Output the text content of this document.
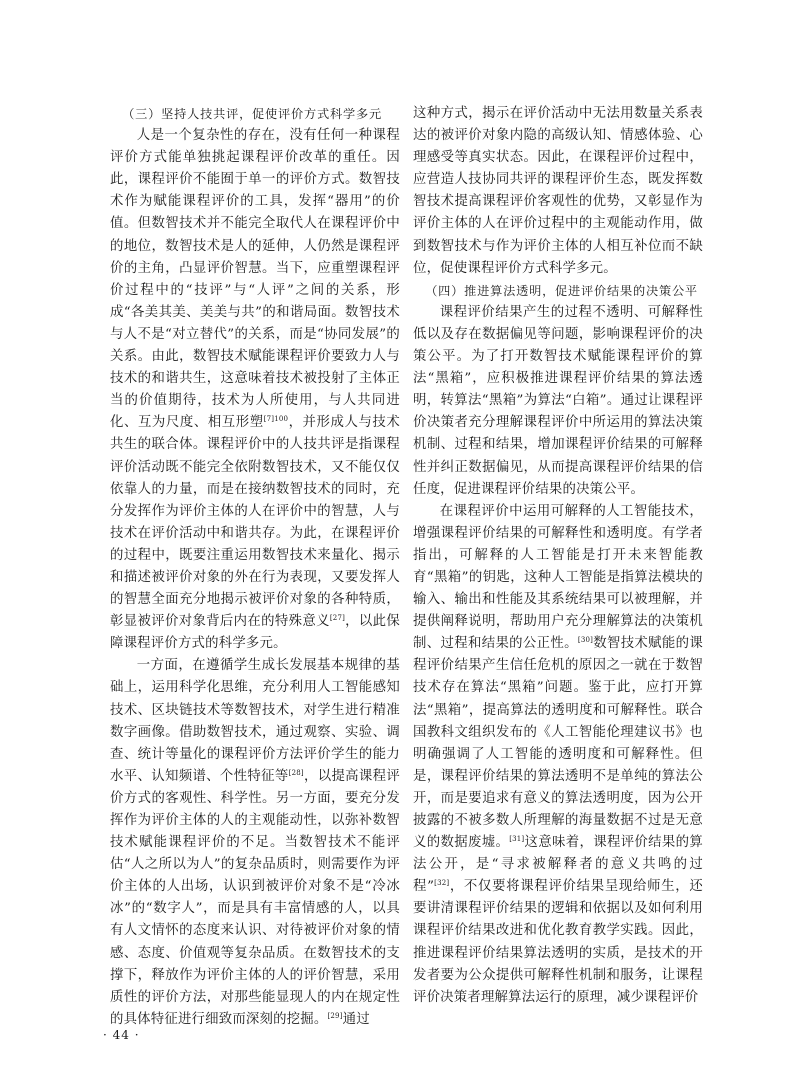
（三）坚持人技共评，促使评价方式科学多元

人是一个复杂性的存在，没有任何一种课程评价方式能单独挑起课程评价改革的重任。因此，课程评价不能囿于单一的评价方式。数智技术作为赋能课程评价的工具，发挥“器用”的价值。但数智技术并不能完全取代人在课程评价中的地位，数智技术是人的延伸，人仍然是课程评价的主角，凸显评价智慧。当下，应重塑课程评价过程中的“技评”与“人评”之间的关系，形成“各美其美、美美与共”的和谐局面。数智技术与人不是“对立替代”的关系，而是“协同发展”的关系。由此，数智技术赋能课程评价要致力人与技术的和谐共生，这意味着技术被投射了主体正当的价值期待，技术为人所使用，与人共同进化、互为尺度、相互形塑$^{[7]100}$，并形成人与技术共生的联合体。课程评价中的人技共评是指课程评价活动既不能完全依附数智技术，又不能仅仅依靠人的力量，而是在接纳数智技术的同时，充分发挥作为评价主体的人在评价中的智慧，人与技术在评价活动中和谐共存。为此，在课程评价的过程中，既要注重运用数智技术来量化、揭示和描述被评价对象的外在行为表现，又要发挥人的智慧全面充分地揭示被评价对象的各种特质，彰显被评价对象背后内在的特殊意义[27]，以此保障课程评价方式的科学多元。

一方面，在遵循学生成长发展基本规律的基础上，运用科学化思维，充分利用人工智能感知技术、区块链技术等数智技术，对学生进行精准数字画像。借助数智技术，通过观察、实验、调查、统计等量化的课程评价方法评价学生的能力水平、认知频谱、个性特征等[28]，以提高课程评价方式的客观性、科学性。另一方面，要充分发挥作为评价主体的人的主观能动性，以弥补数智技术赋能课程评价的不足。当数智技术不能评估“人之所以为人”的复杂品质时，则需要作为评价主体的人出场，认识到被评价对象不是“冷冰冰”的“数字人”，而是具有丰富情感的人，以具有人文情怀的态度来认识、对待被评价对象的情感、态度、价值观等复杂品质。在数智技术的支撑下，释放作为评价主体的人的评价智慧，采用质性的评价方法，对那些能显现人的内在规定性的具体特征进行细致而深刻的挖掘。[29]通过

这种方式，揭示在评价活动中无法用数量关系表达的被评价对象内隐的高级认知、情感体验、心理感受等真实状态。因此，在课程评价过程中，应营造人技协同共评的课程评价生态，既发挥数智技术提高课程评价客观性的优势，又彰显作为评价主体的人在评价过程中的主观能动作用，做到数智技术与作为评价主体的人相互补位而不缺位，促使课程评价方式科学多元。

（四）推进算法透明，促进评价结果的决策公平

课程评价结果产生的过程不透明、可解释性低以及存在数据偏见等问题，影响课程评价的决策公平。为了打开数智技术赋能课程评价的算法“黑箱”，应积极推进课程评价结果的算法透明，转算法“黑箱”为算法“白箱”。通过让课程评价决策者充分理解课程评价中所运用的算法决策机制、过程和结果，增加课程评价结果的可解释性并纠正数据偏见，从而提高课程评价结果的信任度，促进课程评价结果的决策公平。

在课程评价中运用可解释的人工智能技术，增强课程评价结果的可解释性和透明度。有学者指出，可解释的人工智能是打开未来智能教育“黑箱”的钥匙，这种人工智能是指算法模块的输入、输出和性能及其系统结果可以被理解，并提供阐释说明，帮助用户充分理解算法的决策机制、过程和结果的公正性。[30]数智技术赋能的课程评价结果产生信任危机的原因之一就在于数智技术存在算法“黑箱”问题。鉴于此，应打开算法“黑箱”，提高算法的透明度和可解释性。联合国教科文组织发布的《人工智能伦理建议书》也明确强调了人工智能的透明度和可解释性。但是，课程评价结果的算法透明不是单纯的算法公开，而是要追求有意义的算法透明度，因为公开披露的不被多数人所理解的海量数据不过是无意义的数据废墟。[31]这意味着，课程评价结果的算法公开，是“寻求被解释者的意义共鸣的过程”[32]，不仅要将课程评价结果呈现给师生，还要讲清课程评价结果的逻辑和依据以及如何利用课程评价结果改进和优化教育教学实践。因此，推进课程评价结果算法透明的实质，是技术的开发者要为公众提供可解释性机制和服务，让课程评价决策者理解算法运行的原理，减少课程评价

· 44 ·
